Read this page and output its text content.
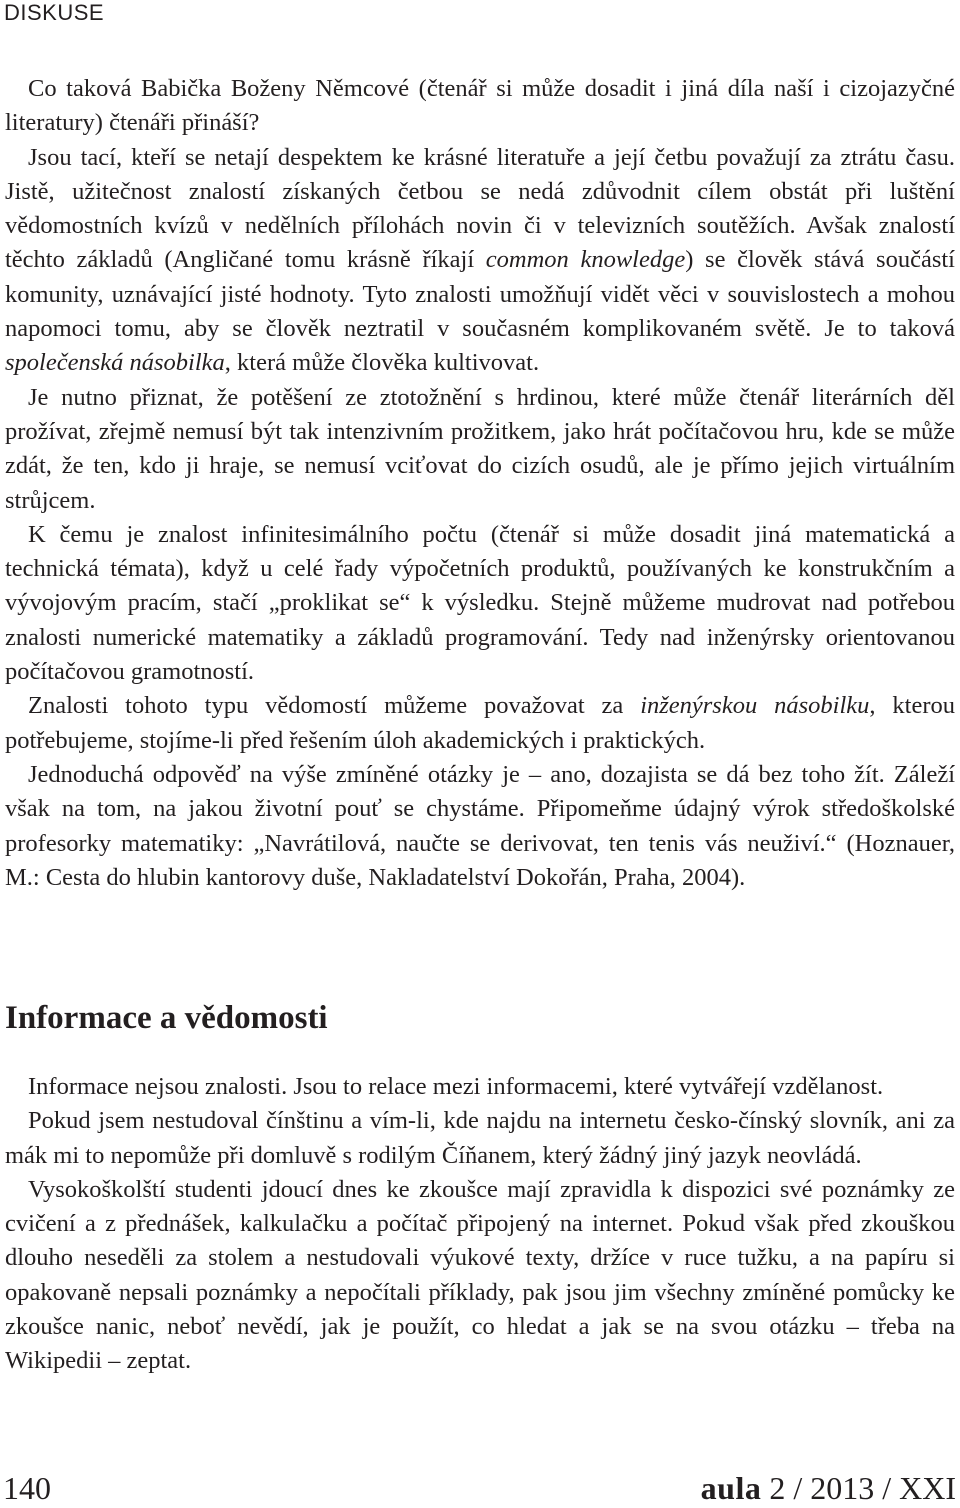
DISKUSE

Co taková Babička Boženy Němcové (čtenář si může dosadit i jiná díla naší i cizojazyčné literatury) čtenáři přináší?

Jsou tací, kteří se netají despektem ke krásné literatuře a její četbu považují za ztrátu času. Jistě, užitečnost znalostí získaných četbou se nedá zdůvodnit cílem obstát při luštění vědomostních kvízů v nedělních přílohách novin či v televizních soutěžích. Avšak znalostí těchto základů (Angličané tomu krásně říkají common knowledge) se člověk stává součástí komunity, uznávající jisté hodnoty. Tyto znalosti umožňují vidět věci v souvislostech a mohou napomoci tomu, aby se člověk neztratil v současném komplikovaném světě. Je to taková společenská násobilka, která může člověka kultivovat.

Je nutno přiznat, že potěšení ze ztotožnění s hrdinou, které může čtenář literárních děl prožívat, zřejmě nemusí být tak intenzivním prožitkem, jako hrát počítačovou hru, kde se může zdát, že ten, kdo ji hraje, se nemusí vciťovat do cizích osudů, ale je přímo jejich virtuálním strůjcem.

K čemu je znalost infinitesimálního počtu (čtenář si může dosadit jiná matematická a technická témata), když u celé řady výpočetních produktů, používaných ke konstrukčním a vývojovým pracím, stačí „proklikat se“ k výsledku. Stejně můžeme mudrovat nad potřebou znalosti numerické matematiky a základů programování. Tedy nad inženýrsky orientovanou počítačovou gramotností.

Znalosti tohoto typu vědomostí můžeme považovat za inženýrskou násobilku, kterou potřebujeme, stojíme-li před řešením úloh akademických i praktických.

Jednoduchá odpověď na výše zmíněné otázky je – ano, dozajista se dá bez toho žít. Záleží však na tom, na jakou životní pouť se chystáme. Připomeňme údajný výrok středoškolské profesorky matematiky: „Navrátilová, naučte se derivovat, ten tenis vás neuživí.“ (Hoznauer, M.: Cesta do hlubin kantorovy duše, Nakladatelství Dokořán, Praha, 2004).

Informace a vědomosti

Informace nejsou znalosti. Jsou to relace mezi informacemi, které vytvářejí vzdělanost.

Pokud jsem nestudoval čínštinu a vím-li, kde najdu na internetu česko-čínský slovník, ani za mák mi to nepomůže při domluvě s rodilým Číňanem, který žádný jiný jazyk neovládá.

Vysokoškolští studenti jdoucí dnes ke zkoušce mají zpravidla k dispozici své poznámky ze cvičení a z přednášek, kalkulačku a počítač připojený na internet. Pokud však před zkouškou dlouho neseděli za stolem a nestudovali výukové texty, držíce v ruce tužku, a na papíru si opakovaně nepsali poznámky a nepočítali příklady, pak jsou jim všechny zmíněné pomůcky ke zkoušce nanic, neboť nevědí, jak je použít, co hledat a jak se na svou otázku – třeba na Wikipedii – zeptat.

140	aula 2 / 2013 / XXI
